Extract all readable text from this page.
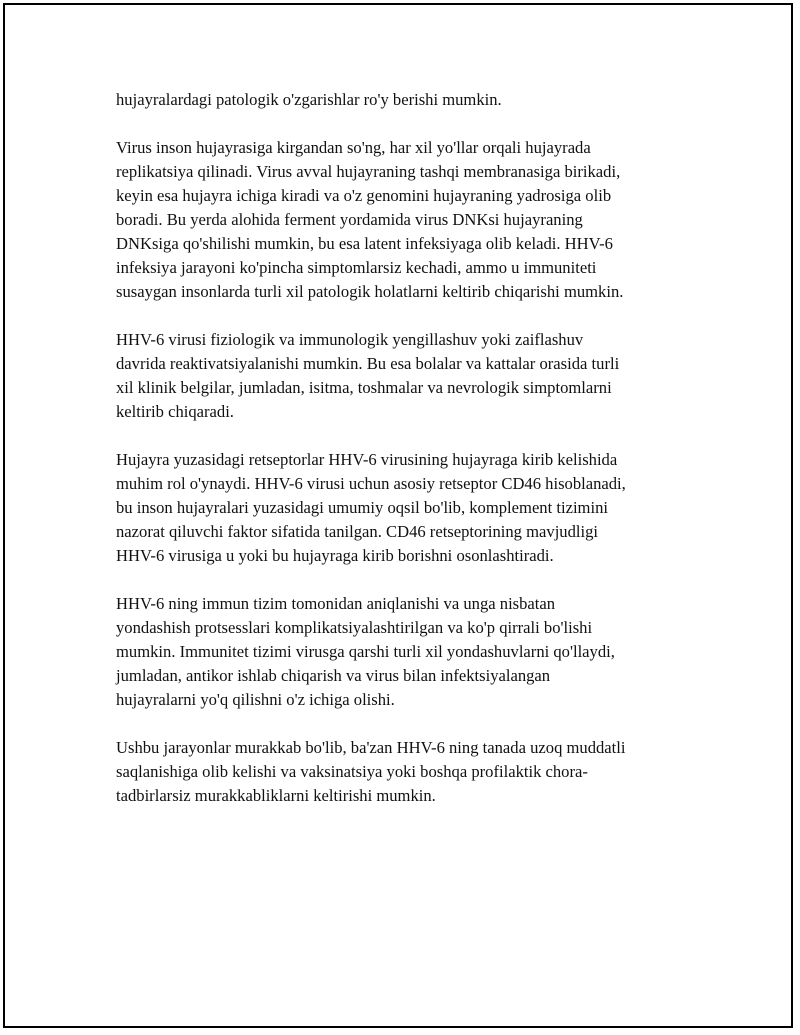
hujayralardagi patologik o'zgarishlar ro'y berishi mumkin.

Virus inson hujayrasiga kirgandan so'ng, har xil yo'llar orqali hujayrada
replikatsiya qilinadi. Virus avval hujayraning tashqi membranasiga birikadi,
keyin esa hujayra ichiga kiradi va o'z genomini hujayraning yadrosiga olib
boradi. Bu yerda alohida ferment yordamida virus DNKsi hujayraning
DNKsiga qo'shilishi mumkin, bu esa latent infeksiyaga olib keladi. HHV-6
infeksiya jarayoni ko'pincha simptomlarsiz kechadi, ammo u immuniteti
susaygan insonlarda turli xil patologik holatlarni keltirib chiqarishi mumkin.

HHV-6 virusi fiziologik va immunologik yengillashuv yoki zaiflashuv
davrida reaktivatsiyalanishi mumkin. Bu esa bolalar va kattalar orasida turli
xil klinik belgilar, jumladan, isitma, toshmalar va nevrologik simptomlarni
keltirib chiqaradi.

Hujayra yuzasidagi retseptorlar HHV-6 virusining hujayraga kirib kelishida
muhim rol o'ynaydi. HHV-6 virusi uchun asosiy retseptor CD46 hisoblanadi,
bu inson hujayralari yuzasidagi umumiy oqsil bo'lib, komplement tizimini
nazorat qiluvchi faktor sifatida tanilgan. CD46 retseptorining mavjudligi
HHV-6 virusiga u yoki bu hujayraga kirib borishni osonlashtiradi.

HHV-6 ning immun tizim tomonidan aniqlanishi va unga nisbatan
yondashish protsesslari komplikatsiyalashtirilgan va ko'p qirrali bo'lishi
mumkin. Immunitet tizimi virusga qarshi turli xil yondashuvlarni qo'llaydi,
jumladan, antikor ishlab chiqarish va virus bilan infektsiyalangan
hujayralarni yo'q qilishni o'z ichiga olishi.

Ushbu jarayonlar murakkab bo'lib, ba'zan HHV-6 ning tanada uzoq muddatli
saqlanishiga olib kelishi va vaksinatsiya yoki boshqa profilaktik chora-
tadbirlarsiz murakkabliklarni keltirishi mumkin.
